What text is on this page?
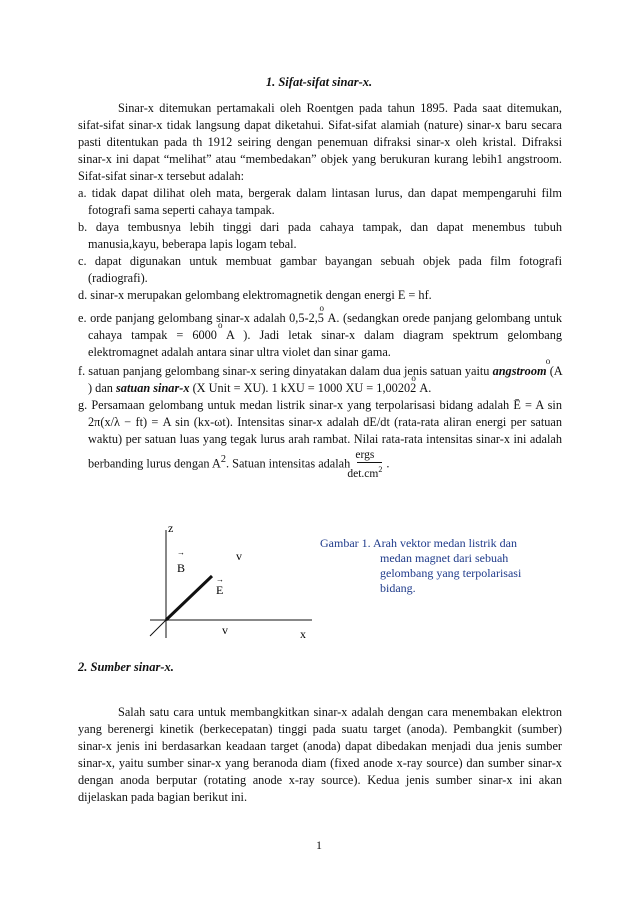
1. Sifat-sifat sinar-x.
Sinar-x ditemukan pertamakali oleh Roentgen pada tahun 1895. Pada saat ditemukan, sifat-sifat sinar-x tidak langsung dapat diketahui. Sifat-sifat alamiah (nature) sinar-x baru secara pasti ditentukan pada th 1912 seiring dengan penemuan difraksi sinar-x oleh kristal. Difraksi sinar-x ini dapat “melihat” atau “membedakan” objek yang berukuran kurang lebih1 angstroom. Sifat-sifat sinar-x tersebut adalah:
a. tidak dapat dilihat oleh mata, bergerak dalam lintasan lurus, dan dapat mempengaruhi film fotografi sama seperti cahaya tampak.
b. daya tembusnya lebih tinggi dari pada cahaya tampak, dan dapat menembus tubuh manusia,kayu, beberapa lapis logam tebal.
c. dapat digunakan untuk membuat gambar bayangan sebuah objek pada film fotografi (radiografi).
d. sinar-x merupakan gelombang elektromagnetik dengan energi E = hf.
e. orde panjang gelombang sinar-x adalah 0,5-2,5 o A. (sedangkan orede panjang gelombang untuk cahaya tampak = 6000 o A ). Jadi letak sinar-x dalam diagram spektrum gelombang elektromagnet adalah antara sinar ultra violet dan sinar gama.
f. satuan panjang gelombang sinar-x sering dinyatakan dalam dua jenis satuan yaitu angstroom (o A ) dan satuan sinar-x (X Unit = XU). 1 kXU = 1000 XU = 1,00202 o A.
g. Persamaan gelombang untuk medan listrik sinar-x yang terpolarisasi bidang adalah Ē = A sin 2π(x/λ − ft) = A sin (kx-ωt). Intensitas sinar-x adalah dE/dt (rata-rata aliran energi per satuan waktu) per satuan luas yang tegak lurus arah rambat. Nilai rata-rata intensitas sinar-x ini adalah berbanding lurus dengan $A^2$. Satuan intensitas adalah $\frac{\text{ergs}}{\det.cm^2}$ .
z
x
v
v
→
B
→
E
Gambar 1. Arah vektor medan listrik dan
medan magnet dari sebuah
gelombang yang terpolarisasi
bidang.
2. Sumber sinar-x.
Salah satu cara untuk membangkitkan sinar-x adalah dengan cara menembakan elektron yang berenergi kinetik (berkecepatan) tinggi pada suatu target (anoda). Pembangkit (sumber) sinar-x jenis ini berdasarkan keadaan target (anoda) dapat dibedakan menjadi dua jenis sumber sinar-x, yaitu sumber sinar-x yang beranoda diam (fixed anode x-ray source) dan sumber sinar-x dengan anoda berputar (rotating anode x-ray source). Kedua jenis sumber sinar-x ini akan dijelaskan pada bagian berikut ini.
1
